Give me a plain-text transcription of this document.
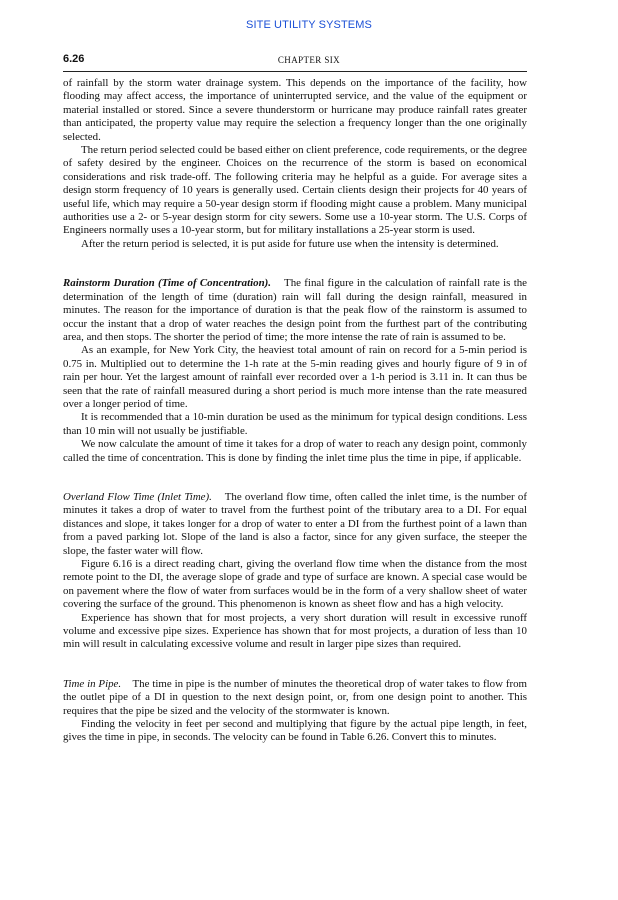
SITE UTILITY SYSTEMS
6.26	CHAPTER SIX

of rainfall by the storm water drainage system. This depends on the importance of the facility, how flooding may affect access, the importance of uninterrupted service, and the value of the equipment or material installed or stored. Since a severe thunderstorm or hurricane may produce rainfall rates greater than anticipated, the property value may require the selection a frequency longer than the one originally selected.

The return period selected could be based either on client preference, code requirements, or the degree of safety desired by the engineer. Choices on the recurrence of the storm is based on economical considerations and risk trade-off. The following criteria may he helpful as a guide. For average sites a design storm frequency of 10 years is generally used. Certain clients design their projects for 40 years of useful life, which may require a 50-year design storm if flooding might cause a problem. Many municipal authorities use a 2- or 5-year design storm for city sewers. Some use a 10-year storm. The U.S. Corps of Engineers normally uses a 10-year storm, but for military installations a 25-year storm is used.

After the return period is selected, it is put aside for future use when the intensity is determined.

Rainstorm Duration (Time of Concentration). The final figure in the calculation of rainfall rate is the determination of the length of time (duration) rain will fall during the design rainfall, measured in minutes. The reason for the importance of duration is that the peak flow of the rainstorm is assumed to occur the instant that a drop of water reaches the design point from the furthest part of the contributing area, and then stops. The shorter the period of time; the more intense the rate of rain is assumed to be.

As an example, for New York City, the heaviest total amount of rain on record for a 5-min period is 0.75 in. Multiplied out to determine the 1-h rate at the 5-min reading gives and hourly figure of 9 in of rain per hour. Yet the largest amount of rainfall ever recorded over a 1-h period is 3.11 in. It can thus be seen that the rate of rainfall measured during a short period is much more intense than the rate measured over a longer period of time.

It is recommended that a 10-min duration be used as the minimum for typical design conditions. Less than 10 min will not usually be justifiable.

We now calculate the amount of time it takes for a drop of water to reach any design point, commonly called the time of concentration. This is done by finding the inlet time plus the time in pipe, if applicable.

Overland Flow Time (Inlet Time). The overland flow time, often called the inlet time, is the number of minutes it takes a drop of water to travel from the furthest point of the tributary area to a DI. For equal distances and slope, it takes longer for a drop of water to enter a DI from the furthest point of a lawn than from a paved parking lot. Slope of the land is also a factor, since for any given surface, the steeper the slope, the faster water will flow.

Figure 6.16 is a direct reading chart, giving the overland flow time when the distance from the most remote point to the DI, the average slope of grade and type of surface are known. A special case would be on pavement where the flow of water from surfaces would be in the form of a very shallow sheet of water covering the surface of the ground. This phenomenon is known as sheet flow and has a high velocity.

Experience has shown that for most projects, a very short duration will result in excessive runoff volume and excessive pipe sizes. Experience has shown that for most projects, a duration of less than 10 min will result in calculating excessive volume and result in larger pipe sizes than required.

Time in Pipe. The time in pipe is the number of minutes the theoretical drop of water takes to flow from the outlet pipe of a DI in question to the next design point, or, from one design point to another. This requires that the pipe be sized and the velocity of the stormwater is known.

Finding the velocity in feet per second and multiplying that figure by the actual pipe length, in feet, gives the time in pipe, in seconds. The velocity can be found in Table 6.26. Convert this to minutes.
